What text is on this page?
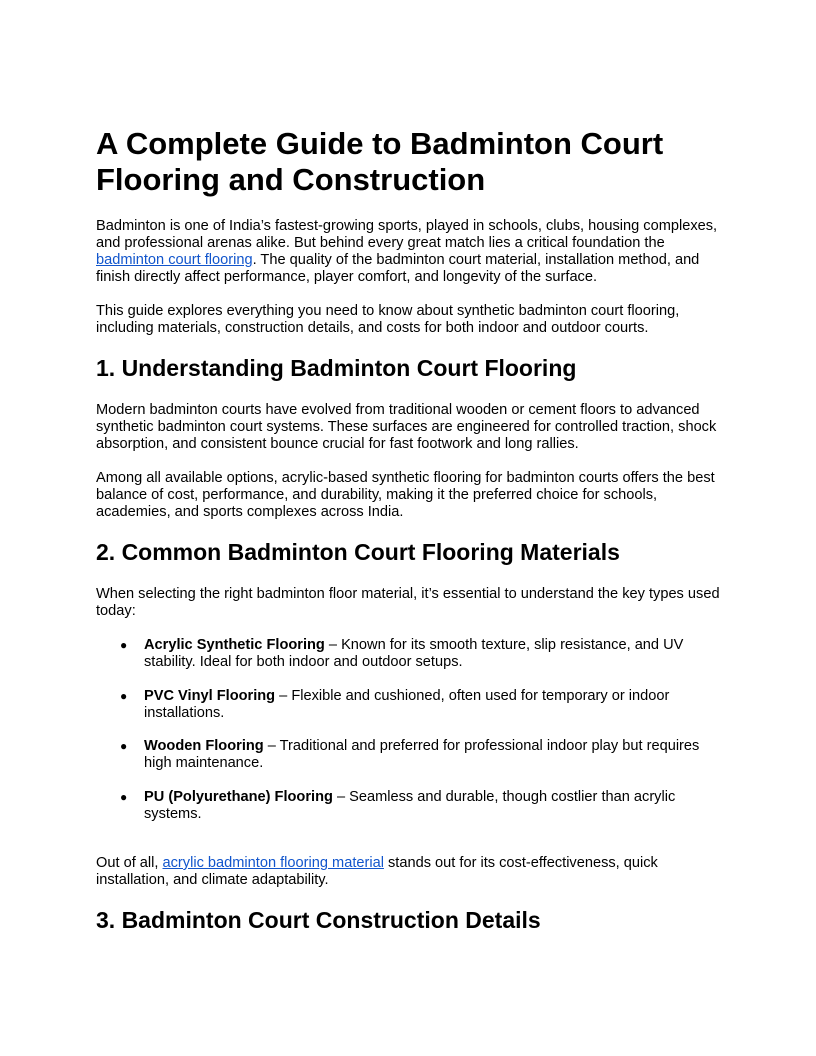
A Complete Guide to Badminton Court Flooring and Construction

Badminton is one of India’s fastest-growing sports, played in schools, clubs, housing complexes, and professional arenas alike. But behind every great match lies a critical foundation the badminton court flooring. The quality of the badminton court material, installation method, and finish directly affect performance, player comfort, and longevity of the surface.

This guide explores everything you need to know about synthetic badminton court flooring, including materials, construction details, and costs for both indoor and outdoor courts.

1. Understanding Badminton Court Flooring

Modern badminton courts have evolved from traditional wooden or cement floors to advanced synthetic badminton court systems. These surfaces are engineered for controlled traction, shock absorption, and consistent bounce crucial for fast footwork and long rallies.

Among all available options, acrylic-based synthetic flooring for badminton courts offers the best balance of cost, performance, and durability, making it the preferred choice for schools, academies, and sports complexes across India.

2. Common Badminton Court Flooring Materials

When selecting the right badminton floor material, it’s essential to understand the key types used today:

● Acrylic Synthetic Flooring – Known for its smooth texture, slip resistance, and UV stability. Ideal for both indoor and outdoor setups.
● PVC Vinyl Flooring – Flexible and cushioned, often used for temporary or indoor installations.
● Wooden Flooring – Traditional and preferred for professional indoor play but requires high maintenance.
● PU (Polyurethane) Flooring – Seamless and durable, though costlier than acrylic systems.

Out of all, acrylic badminton flooring material stands out for its cost-effectiveness, quick installation, and climate adaptability.

3. Badminton Court Construction Details
